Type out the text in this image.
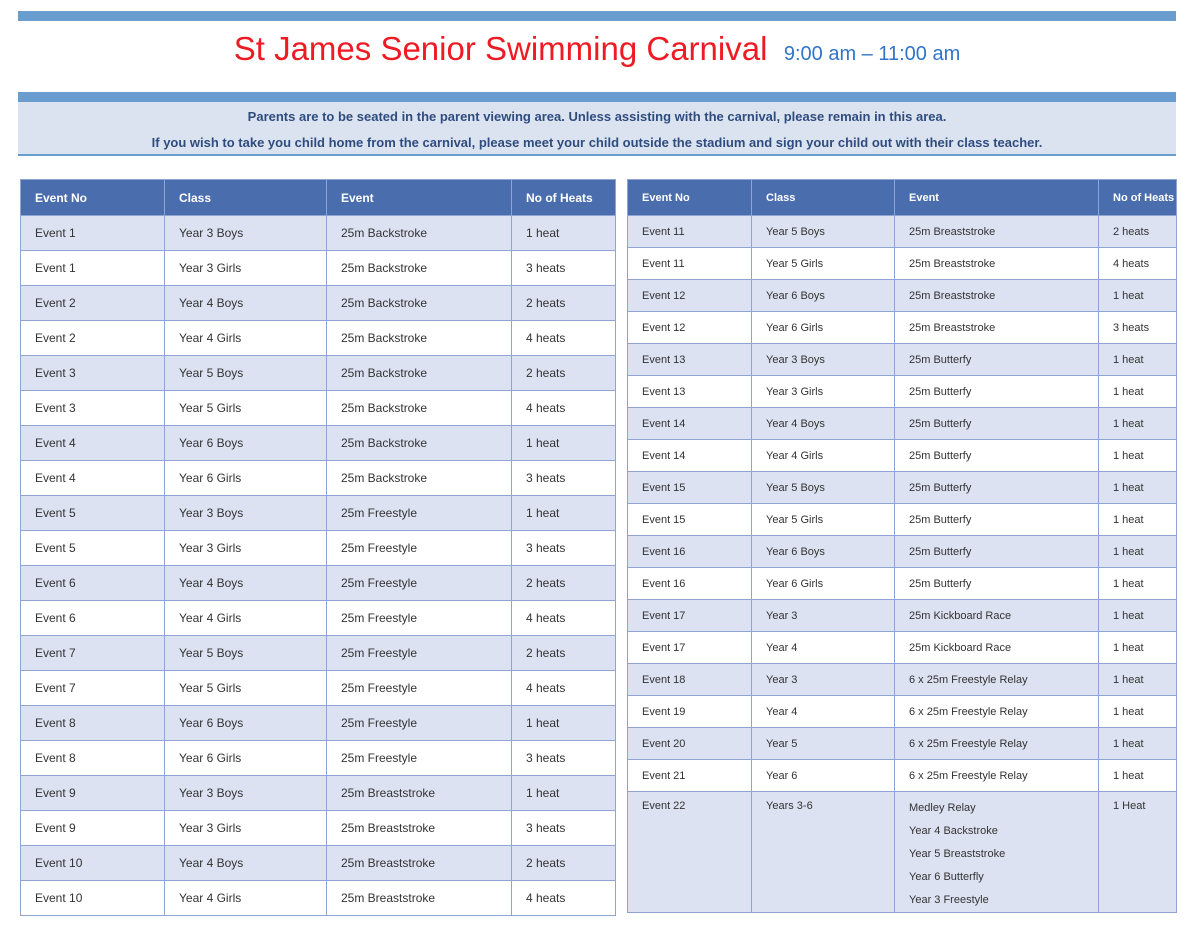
St James Senior Swimming Carnival 9:00 am – 11:00 am

Parents are to be seated in the parent viewing area. Unless assisting with the carnival, please remain in this area.

If you wish to take you child home from the carnival, please meet your child outside the stadium and sign your child out with their class teacher.

Event No	Class	Event	No of Heats
Event 1	Year 3 Boys	25m Backstroke	1 heat
Event 1	Year 3 Girls	25m Backstroke	3 heats
Event 2	Year 4 Boys	25m Backstroke	2 heats
Event 2	Year 4 Girls	25m Backstroke	4 heats
Event 3	Year 5 Boys	25m Backstroke	2 heats
Event 3	Year 5 Girls	25m Backstroke	4 heats
Event 4	Year 6 Boys	25m Backstroke	1 heat
Event 4	Year 6 Girls	25m Backstroke	3 heats
Event 5	Year 3 Boys	25m Freestyle	1 heat
Event 5	Year 3 Girls	25m Freestyle	3 heats
Event 6	Year 4 Boys	25m Freestyle	2 heats
Event 6	Year 4 Girls	25m Freestyle	4 heats
Event 7	Year 5 Boys	25m Freestyle	2 heats
Event 7	Year 5 Girls	25m Freestyle	4 heats
Event 8	Year 6 Boys	25m Freestyle	1 heat
Event 8	Year 6 Girls	25m Freestyle	3 heats
Event 9	Year 3 Boys	25m Breaststroke	1 heat
Event 9	Year 3 Girls	25m Breaststroke	3 heats
Event 10	Year 4 Boys	25m Breaststroke	2 heats
Event 10	Year 4 Girls	25m Breaststroke	4 heats
Event No	Class	Event	No of Heats
Event 11	Year 5 Boys	25m Breaststroke	2 heats
Event 11	Year 5 Girls	25m Breaststroke	4 heats
Event 12	Year 6 Boys	25m Breaststroke	1 heat
Event 12	Year 6 Girls	25m Breaststroke	3 heats
Event 13	Year 3 Boys	25m Butterfy	1 heat
Event 13	Year 3 Girls	25m Butterfy	1 heat
Event 14	Year 4 Boys	25m Butterfy	1 heat
Event 14	Year 4 Girls	25m Butterfy	1 heat
Event 15	Year 5 Boys	25m Butterfy	1 heat
Event 15	Year 5 Girls	25m Butterfy	1 heat
Event 16	Year 6 Boys	25m Butterfy	1 heat
Event 16	Year 6 Girls	25m Butterfy	1 heat
Event 17	Year 3	25m Kickboard Race	1 heat
Event 17	Year 4	25m Kickboard Race	1 heat
Event 18	Year 3	6 x 25m Freestyle Relay	1 heat
Event 19	Year 4	6 x 25m Freestyle Relay	1 heat
Event 20	Year 5	6 x 25m Freestyle Relay	1 heat
Event 21	Year 6	6 x 25m Freestyle Relay	1 heat
Event 22	Years 3-6	Medley Relay
Year 4 Backstroke
Year 5 Breaststroke
Year 6 Butterfly
Year 3 Freestyle	1 Heat
